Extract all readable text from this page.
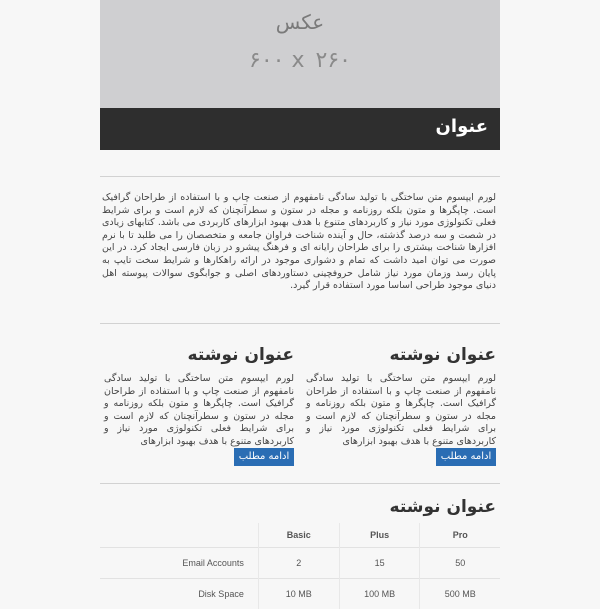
عکس
۶۰۰ x ۲۶۰
عنوان

لورم ایپسوم متن ساختگی با تولید سادگی نامفهوم از صنعت چاپ و با استفاده از طراحان گرافیک است. چاپگرها و متون بلکه روزنامه و مجله در ستون و سطرآنچنان که لازم است و برای شرایط فعلی تکنولوژی مورد نیاز و کاربردهای متنوع با هدف بهبود ابزارهای کاربردی می باشد. کتابهای زیادی در شصت و سه درصد گذشته، حال و آینده شناخت فراوان جامعه و متخصصان را می طلبد تا با نرم افزارها شناخت بیشتری را برای طراحان رایانه ای و فرهنگ پیشرو در زبان فارسی ایجاد کرد. در این صورت می توان امید داشت که تمام و دشواری موجود در ارائه راهکارها و شرایط سخت تایپ به پایان رسد وزمان مورد نیاز شامل حروفچینی دستاوردهای اصلی و جوابگوی سوالات پیوسته اهل دنیای موجود طراحی اساسا مورد استفاده قرار گیرد.

عنوان نوشته

لورم ایپسوم متن ساختگی با تولید سادگی نامفهوم از صنعت چاپ و با استفاده از طراحان گرافیک است. چاپگرها و متون بلکه روزنامه و مجله در ستون و سطرآنچنان که لازم است و برای شرایط فعلی تکنولوژی مورد نیاز و کاربردهای متنوع با هدف بهبود ابزارهای

ادامه مطلب
عنوان نوشته

لورم ایپسوم متن ساختگی با تولید سادگی نامفهوم از صنعت چاپ و با استفاده از طراحان گرافیک است. چاپگرها و متون بلکه روزنامه و مجله در ستون و سطرآنچنان که لازم است و برای شرایط فعلی تکنولوژی مورد نیاز و کاربردهای متنوع با هدف بهبود ابزارهای

ادامه مطلب
عنوان نوشته
	Basic	Plus	Pro
Email Accounts	2	15	50
Disk Space	10 MB	100 MB	500 MB
